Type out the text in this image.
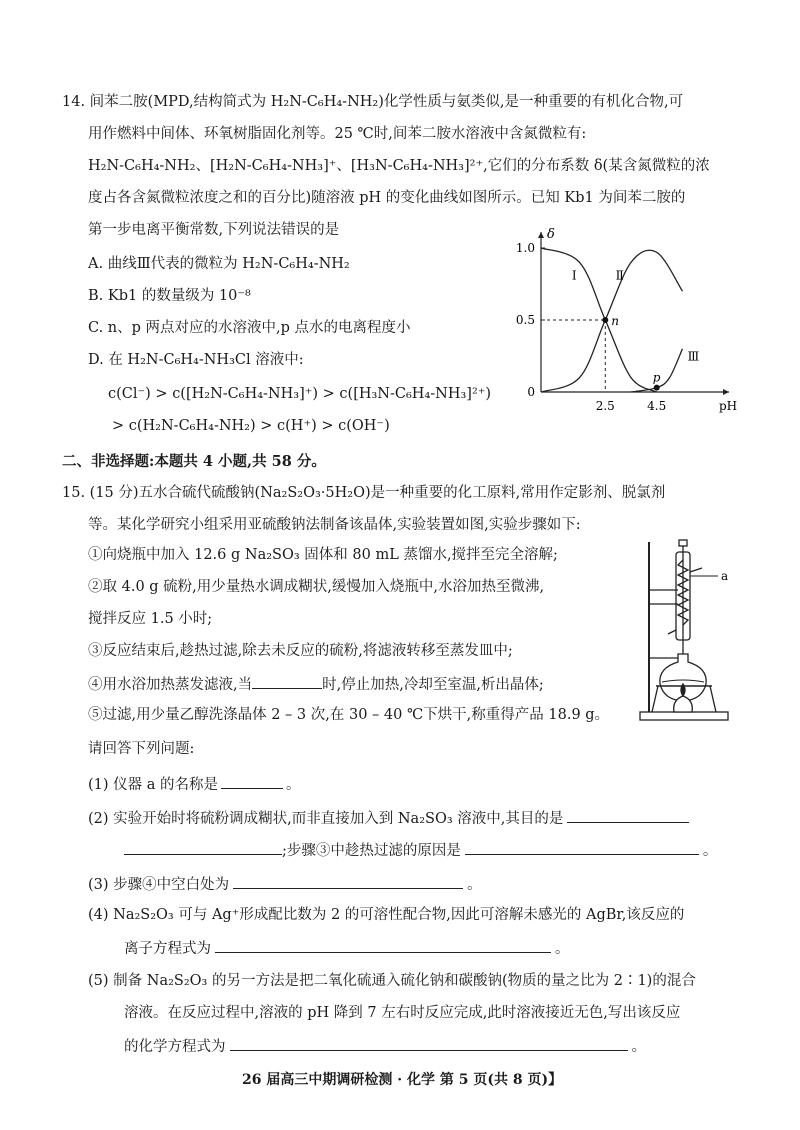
14. 间苯二胺(MPD,结构简式为 H₂N-C₆H₄-NH₂)化学性质与氨类似,是一种重要的有机化合物,可
用作燃料中间体、环氧树脂固化剂等。25 ℃时,间苯二胺水溶液中含氮微粒有:
H₂N-C₆H₄-NH₂、[H₂N-C₆H₄-NH₃]⁺、[H₃N-C₆H₄-NH₃]²⁺,它们的分布系数 δ(某含氮微粒的浓
度占各含氮微粒浓度之和的百分比)随溶液 pH 的变化曲线如图所示。已知 Kb1 为间苯二胺的
第一步电离平衡常数,下列说法错误的是
A. 曲线Ⅲ代表的微粒为 H₂N-C₆H₄-NH₂
B. Kb1 的数量级为 10⁻⁸
C. n、p 两点对应的水溶液中,p 点水的电离程度小
D. 在 H₂N-C₆H₄-NH₃Cl 溶液中:
c(Cl⁻) > c([H₂N-C₆H₄-NH₃]⁺) > c([H₃N-C₆H₄-NH₃]²⁺)
> c(H₂N-C₆H₄-NH₂) > c(H⁺) > c(OH⁻)
δ
pH
1.0
0.5
0
2.5	4.5
Ⅰ	Ⅱ
Ⅲ
n
p
二、非选择题:本题共 4 小题,共 58 分。
15. (15 分)五水合硫代硫酸钠(Na₂S₂O₃·5H₂O)是一种重要的化工原料,常用作定影剂、脱氯剂
等。某化学研究小组采用亚硫酸钠法制备该晶体,实验装置如图,实验步骤如下:
①向烧瓶中加入 12.6 g Na₂SO₃ 固体和 80 mL 蒸馏水,搅拌至完全溶解;
②取 4.0 g 硫粉,用少量热水调成糊状,缓慢加入烧瓶中,水浴加热至微沸,
搅拌反应 1.5 小时;
③反应结束后,趁热过滤,除去未反应的硫粉,将滤液转移至蒸发皿中;
④用水浴加热蒸发滤液,当	时,停止加热,冷却至室温,析出晶体;
⑤过滤,用少量乙醇洗涤晶体 2 – 3 次,在 30 – 40 ℃下烘干,称重得产品 18.9 g。
a
请回答下列问题:
(1) 仪器 a 的名称是	。
(2) 实验开始时将硫粉调成糊状,而非直接加入到 Na₂SO₃ 溶液中,其目的是
;步骤③中趁热过滤的原因是	。
(3) 步骤④中空白处为	。
(4) Na₂S₂O₃ 可与 Ag⁺形成配比数为 2 的可溶性配合物,因此可溶解未感光的 AgBr,该反应的
离子方程式为	。
(5) 制备 Na₂S₂O₃ 的另一方法是把二氧化硫通入硫化钠和碳酸钠(物质的量之比为 2∶1)的混合
溶液。在反应过程中,溶液的 pH 降到 7 左右时反应完成,此时溶液接近无色,写出该反应
的化学方程式为	。
26 届高三中期调研检测 · 化学 第 5 页(共 8 页)】
